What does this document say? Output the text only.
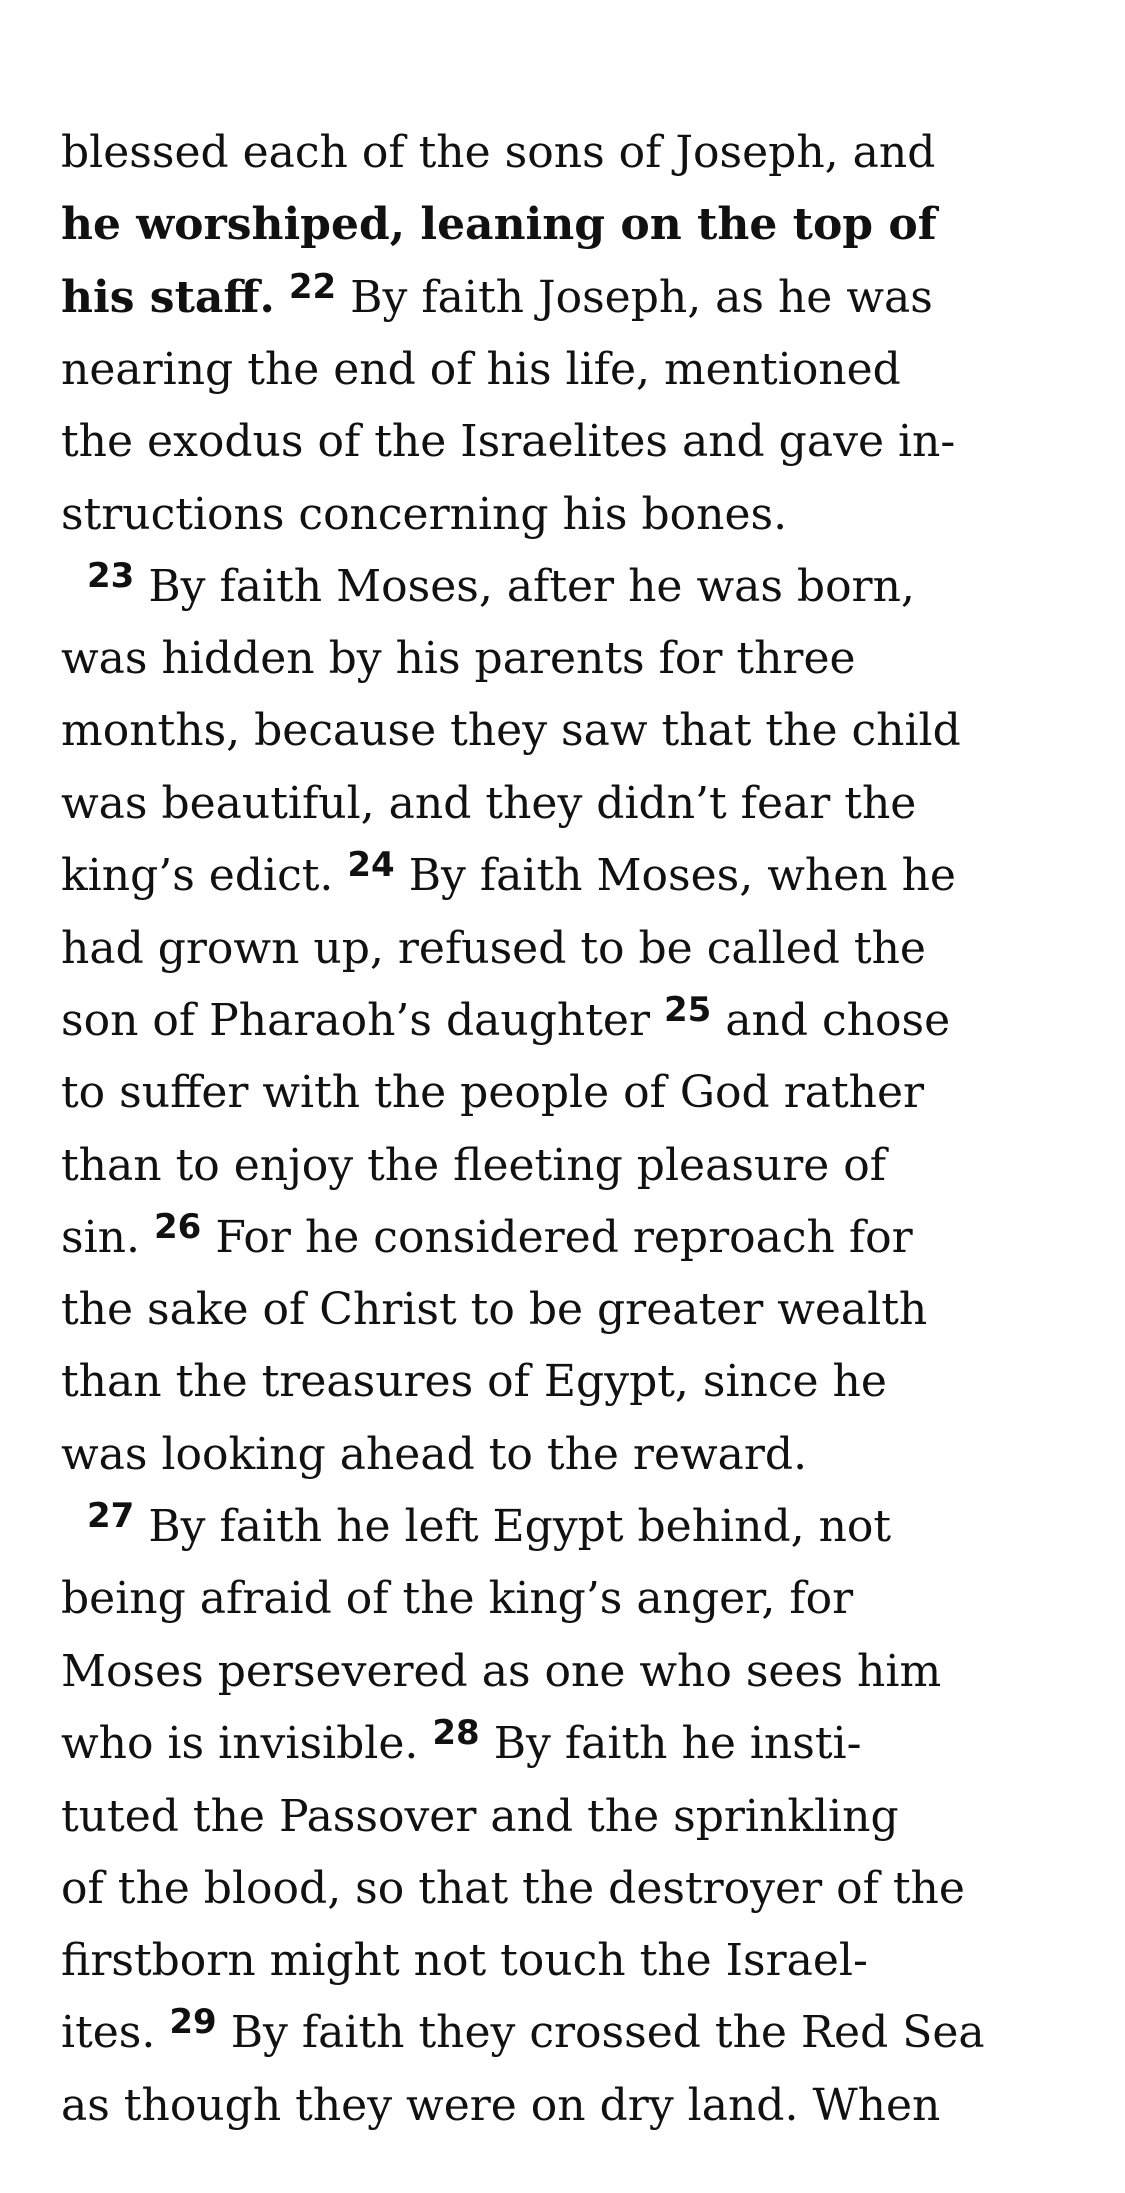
blessed each of the sons of Joseph, and
he worshiped, leaning on the top of
his staff. $^{22}$ By faith Joseph, as he was
nearing the end of his life, mentioned
the exodus of the Israelites and gave in-
structions concerning his bones.
$^{23}$ By faith Moses, after he was born,
was hidden by his parents for three
months, because they saw that the child
was beautiful, and they didn’t fear the
king’s edict. $^{24}$ By faith Moses, when he
had grown up, refused to be called the
son of Pharaoh’s daughter $^{25}$ and chose
to suffer with the people of God rather
than to enjoy the fleeting pleasure of
sin. $^{26}$ For he considered reproach for
the sake of Christ to be greater wealth
than the treasures of Egypt, since he
was looking ahead to the reward.
$^{27}$ By faith he left Egypt behind, not
being afraid of the king’s anger, for
Moses persevered as one who sees him
who is invisible. $^{28}$ By faith he insti-
tuted the Passover and the sprinkling
of the blood, so that the destroyer of the
firstborn might not touch the Israel-
ites. $^{29}$ By faith they crossed the Red Sea
as though they were on dry land. When
